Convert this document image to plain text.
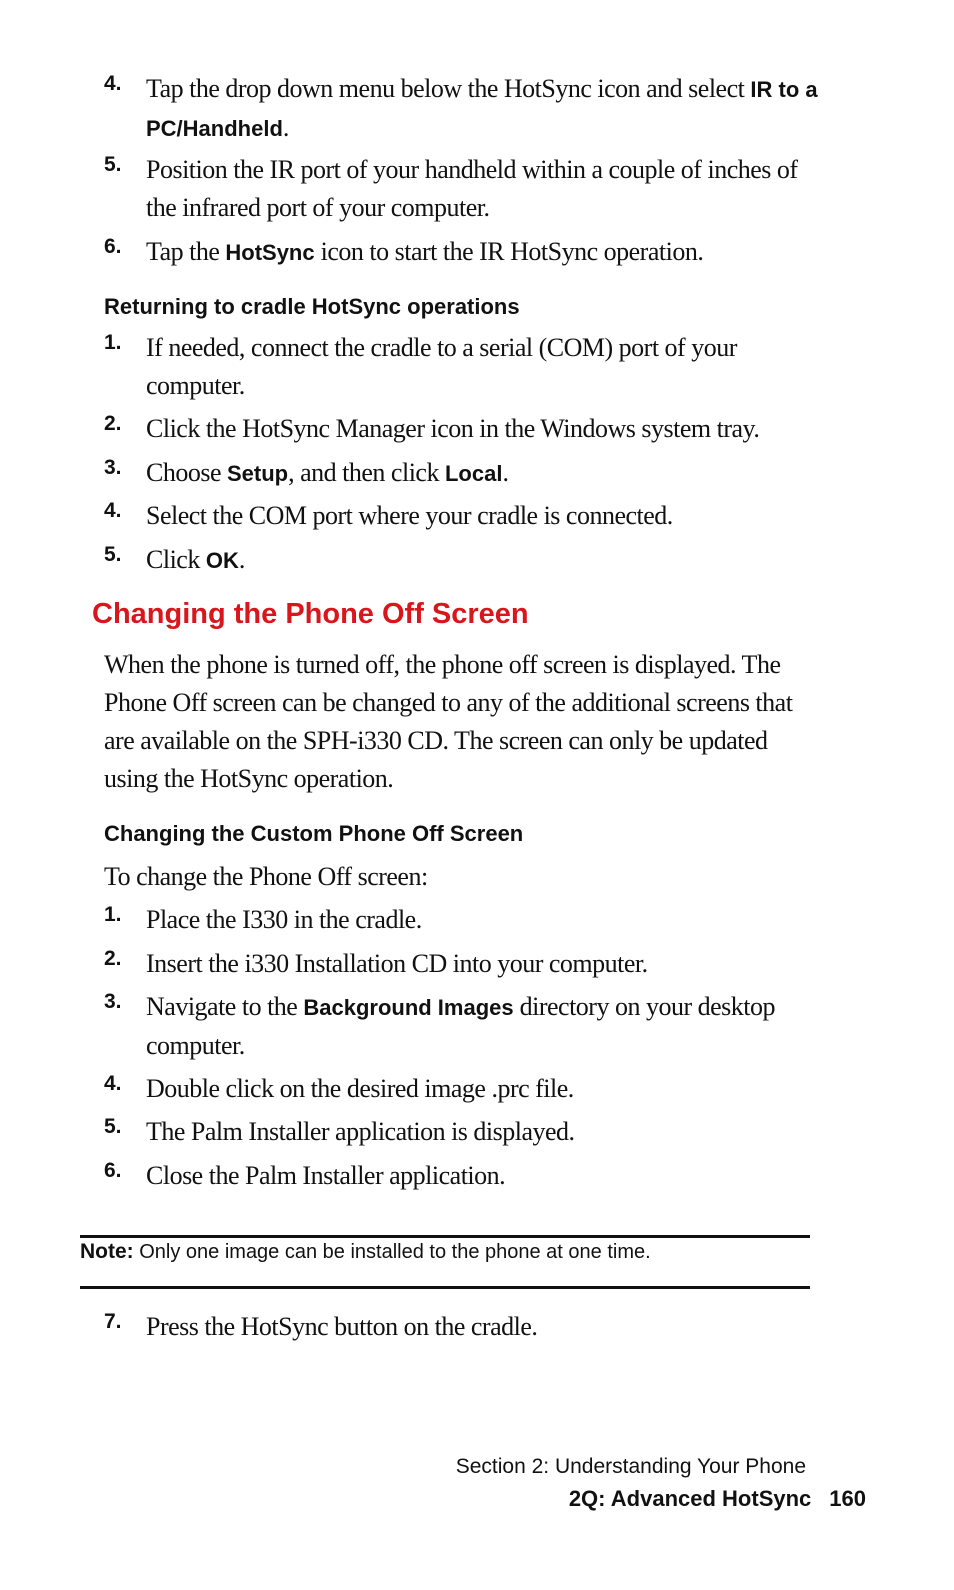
4. Tap the drop down menu below the HotSync icon and select IR to a PC/Handheld.
5. Position the IR port of your handheld within a couple of inches of the infrared port of your computer.
6. Tap the HotSync icon to start the IR HotSync operation.
Returning to cradle HotSync operations
1. If needed, connect the cradle to a serial (COM) port of your computer.
2. Click the HotSync Manager icon in the Windows system tray.
3. Choose Setup, and then click Local.
4. Select the COM port where your cradle is connected.
5. Click OK.
Changing the Phone Off Screen
When the phone is turned off, the phone off screen is displayed. The Phone Off screen can be changed to any of the additional screens that are available on the SPH-i330 CD. The screen can only be updated using the HotSync operation.
Changing the Custom Phone Off Screen
To change the Phone Off screen:
1. Place the I330 in the cradle.
2. Insert the i330 Installation CD into your computer.
3. Navigate to the Background Images directory on your desktop computer.
4. Double click on the desired image .prc file.
5. The Palm Installer application is displayed.
6. Close the Palm Installer application.
Note: Only one image can be installed to the phone at one time.
7. Press the HotSync button on the cradle.
Section 2: Understanding Your Phone
2Q: Advanced HotSync 160
